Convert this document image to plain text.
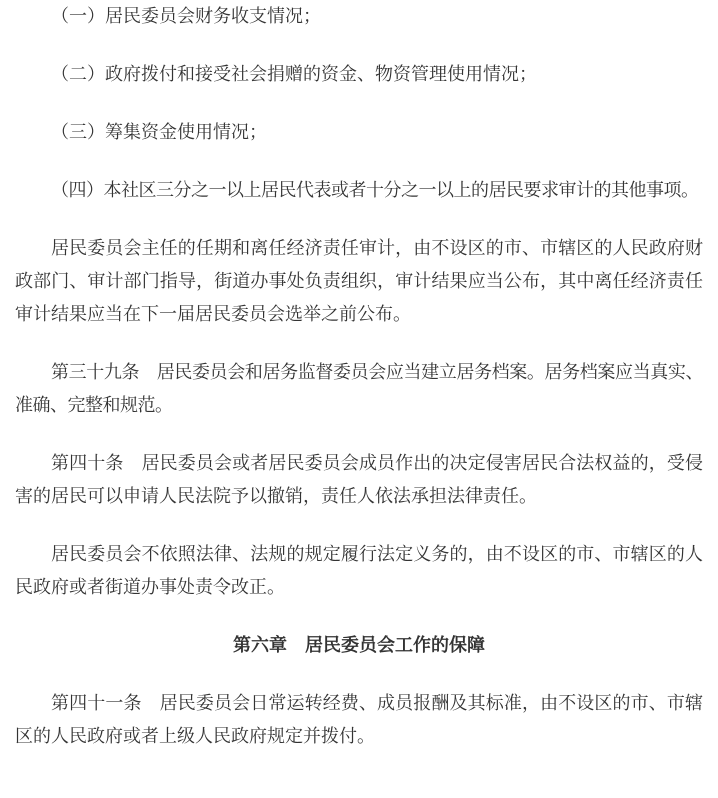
（一）居民委员会财务收支情况；

（二）政府拨付和接受社会捐赠的资金、物资管理使用情况；

（三）筹集资金使用情况；

（四）本社区三分之一以上居民代表或者十分之一以上的居民要求审计的其他事项。

居民委员会主任的任期和离任经济责任审计，由不设区的市、市辖区的人民政府财政部门、审计部门指导，街道办事处负责组织，审计结果应当公布，其中离任经济责任审计结果应当在下一届居民委员会选举之前公布。

第三十九条　居民委员会和居务监督委员会应当建立居务档案。居务档案应当真实、准确、完整和规范。

第四十条　居民委员会或者居民委员会成员作出的决定侵害居民合法权益的，受侵害的居民可以申请人民法院予以撤销，责任人依法承担法律责任。

居民委员会不依照法律、法规的规定履行法定义务的，由不设区的市、市辖区的人民政府或者街道办事处责令改正。

第六章　居民委员会工作的保障

第四十一条　居民委员会日常运转经费、成员报酬及其标准，由不设区的市、市辖区的人民政府或者上级人民政府规定并拨付。
